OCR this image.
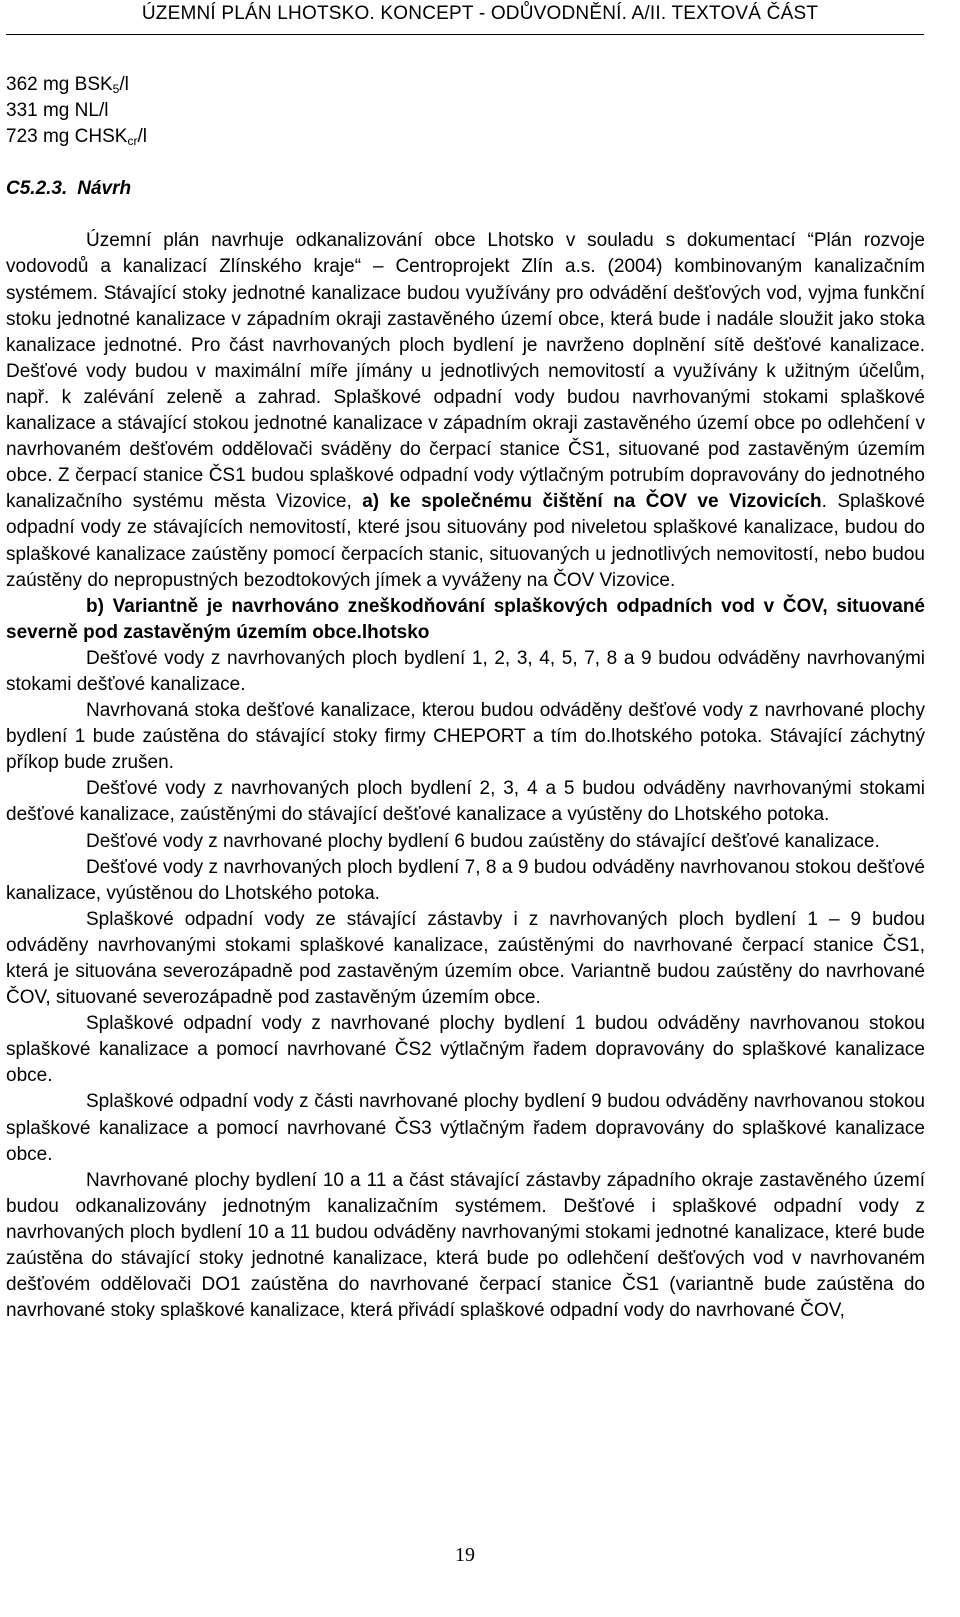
ÚZEMNÍ PLÁN LHOTSKO. KONCEPT - ODŮVODNĚNÍ. A/II. TEXTOVÁ ČÁST
362 mg $BSK_5/l$
331 mg NL/l
723 mg $CHSK_{cr}/l$
C5.2.3. Návrh

Územní plán navrhuje odkanalizování obce Lhotsko v souladu s dokumentací “Plán rozvoje vodovodů a kanalizací Zlínského kraje“ – Centroprojekt Zlín a.s. (2004) kombinovaným kanalizačním systémem. Stávající stoky jednotné kanalizace budou využívány pro odvádění dešťových vod, vyjma funkční stoku jednotné kanalizace v západním okraji zastavěného území obce, která bude i nadále sloužit jako stoka kanalizace jednotné. Pro část navrhovaných ploch bydlení je navrženo doplnění sítě dešťové kanalizace. Dešťové vody budou v maximální míře jímány u jednotlivých nemovitostí a využívány k užitným účelům, např. k zalévání zeleně a zahrad. Splaškové odpadní vody budou navrhovanými stokami splaškové kanalizace a stávající stokou jednotné kanalizace v západním okraji zastavěného území obce po odlehčení v navrhovaném dešťovém oddělovači sváděny do čerpací stanice ČS1, situované pod zastavěným územím obce. Z čerpací stanice ČS1 budou splaškové odpadní vody výtlačným potrubím dopravovány do jednotného kanalizačního systému města Vizovice, a) ke společnému čištění na ČOV ve Vizovicích. Splaškové odpadní vody ze stávajících nemovitostí, které jsou situovány pod niveletou splaškové kanalizace, budou do splaškové kanalizace zaústěny pomocí čerpacích stanic, situovaných u jednotlivých nemovitostí, nebo budou zaústěny do nepropustných bezodtokových jímek a vyváženy na ČOV Vizovice.

b) Variantně je navrhováno zneškodňování splaškových odpadních vod v ČOV, situované severně pod zastavěným územím obce.lhotsko

Dešťové vody z navrhovaných ploch bydlení 1, 2, 3, 4, 5, 7, 8 a 9 budou odváděny navrhovanými stokami dešťové kanalizace.

Navrhovaná stoka dešťové kanalizace, kterou budou odváděny dešťové vody z navrhované plochy bydlení 1 bude zaústěna do stávající stoky firmy CHEPORT a tím do.lhotského potoka. Stávající záchytný příkop bude zrušen.

Dešťové vody z navrhovaných ploch bydlení 2, 3, 4 a 5 budou odváděny navrhovanými stokami dešťové kanalizace, zaústěnými do stávající dešťové kanalizace a vyústěny do Lhotského potoka.

Dešťové vody z navrhované plochy bydlení 6 budou zaústěny do stávající dešťové kanalizace.

Dešťové vody z navrhovaných ploch bydlení 7, 8 a 9 budou odváděny navrhovanou stokou dešťové kanalizace, vyústěnou do Lhotského potoka.

Splaškové odpadní vody ze stávající zástavby i z navrhovaných ploch bydlení 1 – 9 budou odváděny navrhovanými stokami splaškové kanalizace, zaústěnými do navrhované čerpací stanice ČS1, která je situována severozápadně pod zastavěným územím obce. Variantně budou zaústěny do navrhované ČOV, situované severozápadně pod zastavěným územím obce.

Splaškové odpadní vody z navrhované plochy bydlení 1 budou odváděny navrhovanou stokou splaškové kanalizace a pomocí navrhované ČS2 výtlačným řadem dopravovány do splaškové kanalizace obce.

Splaškové odpadní vody z části navrhované plochy bydlení 9 budou odváděny navrhovanou stokou splaškové kanalizace a pomocí navrhované ČS3 výtlačným řadem dopravovány do splaškové kanalizace obce.

Navrhované plochy bydlení 10 a 11 a část stávající zástavby západního okraje zastavěného území budou odkanalizovány jednotným kanalizačním systémem. Dešťové i splaškové odpadní vody z navrhovaných ploch bydlení 10 a 11 budou odváděny navrhovanými stokami jednotné kanalizace, které bude zaústěna do stávající stoky jednotné kanalizace, která bude po odlehčení dešťových vod v navrhovaném dešťovém oddělovači DO1 zaústěna do navrhované čerpací stanice ČS1 (variantně bude zaústěna do navrhované stoky splaškové kanalizace, která přivádí splaškové odpadní vody do navrhované ČOV,

19
